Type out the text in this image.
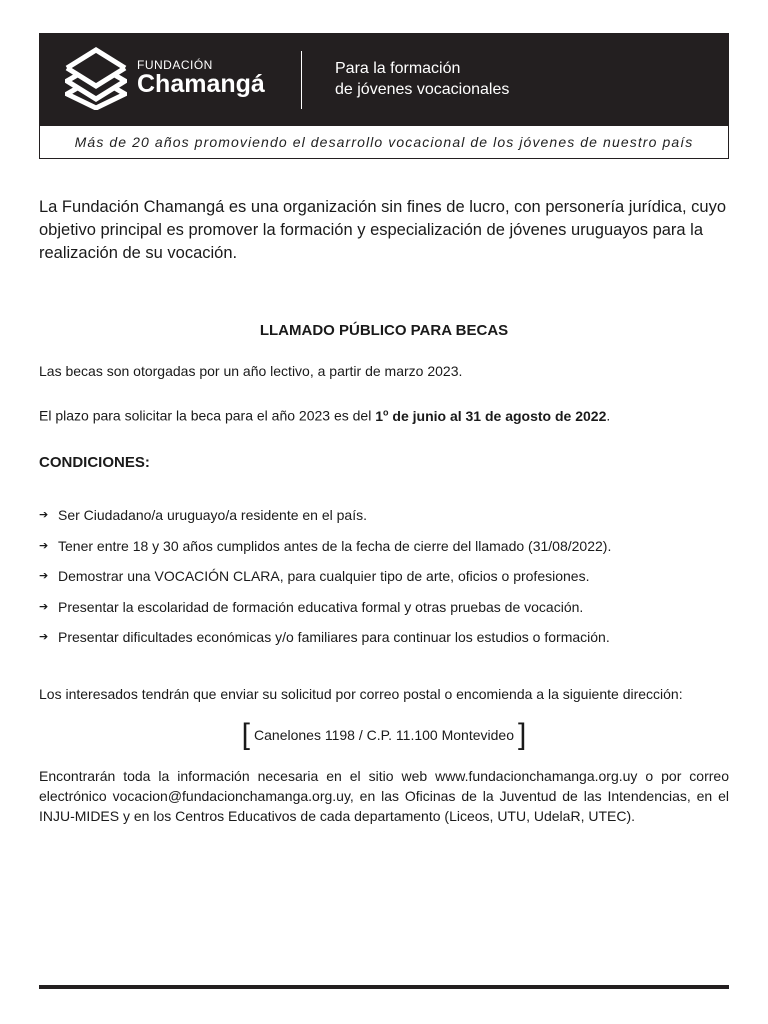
FUNDACIÓN
Chamangá
Para la formación
de jóvenes vocacionales
Más de 20 años promoviendo el desarrollo vocacional de los jóvenes de nuestro país
La Fundación Chamangá es una organización sin fines de lucro, con personería jurídica, cuyo objetivo principal es promover la formación y especialización de jóvenes uruguayos para la realización de su vocación.
LLAMADO PÚBLICO PARA BECAS
Las becas son otorgadas por un año lectivo, a partir de marzo 2023.
El plazo para solicitar la beca para el año 2023 es del 1$^o$ de junio al 31 de agosto de 2022.
CONDICIONES:
➔ Ser Ciudadano/a uruguayo/a residente en el país.
➔ Tener entre 18 y 30 años cumplidos antes de la fecha de cierre del llamado (31/08/2022).
➔ Demostrar una VOCACIÓN CLARA, para cualquier tipo de arte, oficios o profesiones.
➔ Presentar la escolaridad de formación educativa formal y otras pruebas de vocación.
➔ Presentar dificultades económicas y/o familiares para continuar los estudios o formación.
Los interesados tendrán que enviar su solicitud por correo postal o encomienda a la siguiente dirección:
[ Canelones 1198 / C.P. 11.100 Montevideo ]
Encontrarán toda la información necesaria en el sitio web www.fundacionchamanga.org.uy o por correo electrónico vocacion@fundacionchamanga.org.uy, en las Oficinas de la Juventud de las Intendencias, en el INJU-MIDES y en los Centros Educativos de cada departamento (Liceos, UTU, UdelaR, UTEC).
